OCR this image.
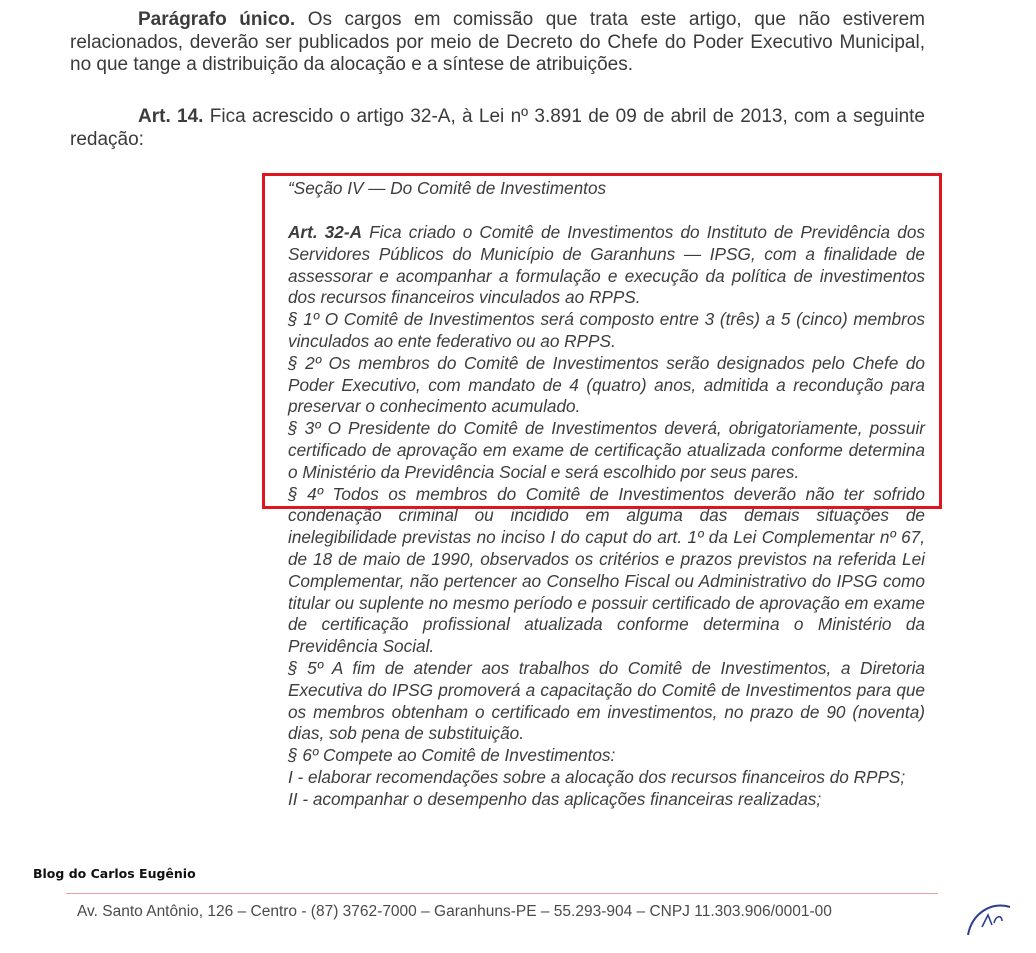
Parágrafo único. Os cargos em comissão que trata este artigo, que não estiverem relacionados, deverão ser publicados por meio de Decreto do Chefe do Poder Executivo Municipal, no que tange a distribuição da alocação e a síntese de atribuições.
Art. 14. Fica acrescido o artigo 32-A, à Lei nº 3.891 de 09 de abril de 2013, com a seguinte redação:
“Seção IV — Do Comitê de Investimentos

Art. 32-A Fica criado o Comitê de Investimentos do Instituto de Previdência dos Servidores Públicos do Município de Garanhuns — IPSG, com a finalidade de assessorar e acompanhar a formulação e execução da política de investimentos dos recursos financeiros vinculados ao RPPS.

§ 1º O Comitê de Investimentos será composto entre 3 (três) a 5 (cinco) membros vinculados ao ente federativo ou ao RPPS.

§ 2º Os membros do Comitê de Investimentos serão designados pelo Chefe do Poder Executivo, com mandato de 4 (quatro) anos, admitida a recondução para preservar o conhecimento acumulado.

§ 3º O Presidente do Comitê de Investimentos deverá, obrigatoriamente, possuir certificado de aprovação em exame de certificação atualizada conforme determina o Ministério da Previdência Social e será escolhido por seus pares.

§ 4º Todos os membros do Comitê de Investimentos deverão não ter sofrido condenação criminal ou incidido em alguma das demais situações de inelegibilidade previstas no inciso I do caput do art. 1º da Lei Complementar nº 67, de 18 de maio de 1990, observados os critérios e prazos previstos na referida Lei Complementar, não pertencer ao Conselho Fiscal ou Administrativo do IPSG como titular ou suplente no mesmo período e possuir certificado de aprovação em exame de certificação profissional atualizada conforme determina o Ministério da Previdência Social.

§ 5º A fim de atender aos trabalhos do Comitê de Investimentos, a Diretoria Executiva do IPSG promoverá a capacitação do Comitê de Investimentos para que os membros obtenham o certificado em investimentos, no prazo de 90 (noventa) dias, sob pena de substituição.

§ 6º Compete ao Comitê de Investimentos:

I - elaborar recomendações sobre a alocação dos recursos financeiros do RPPS;

II - acompanhar o desempenho das aplicações financeiras realizadas;

Blog do Carlos Eugênio
Av. Santo Antônio, 126 – Centro - (87) 3762-7000 – Garanhuns-PE – 55.293-904 – CNPJ 11.303.906/0001-00
